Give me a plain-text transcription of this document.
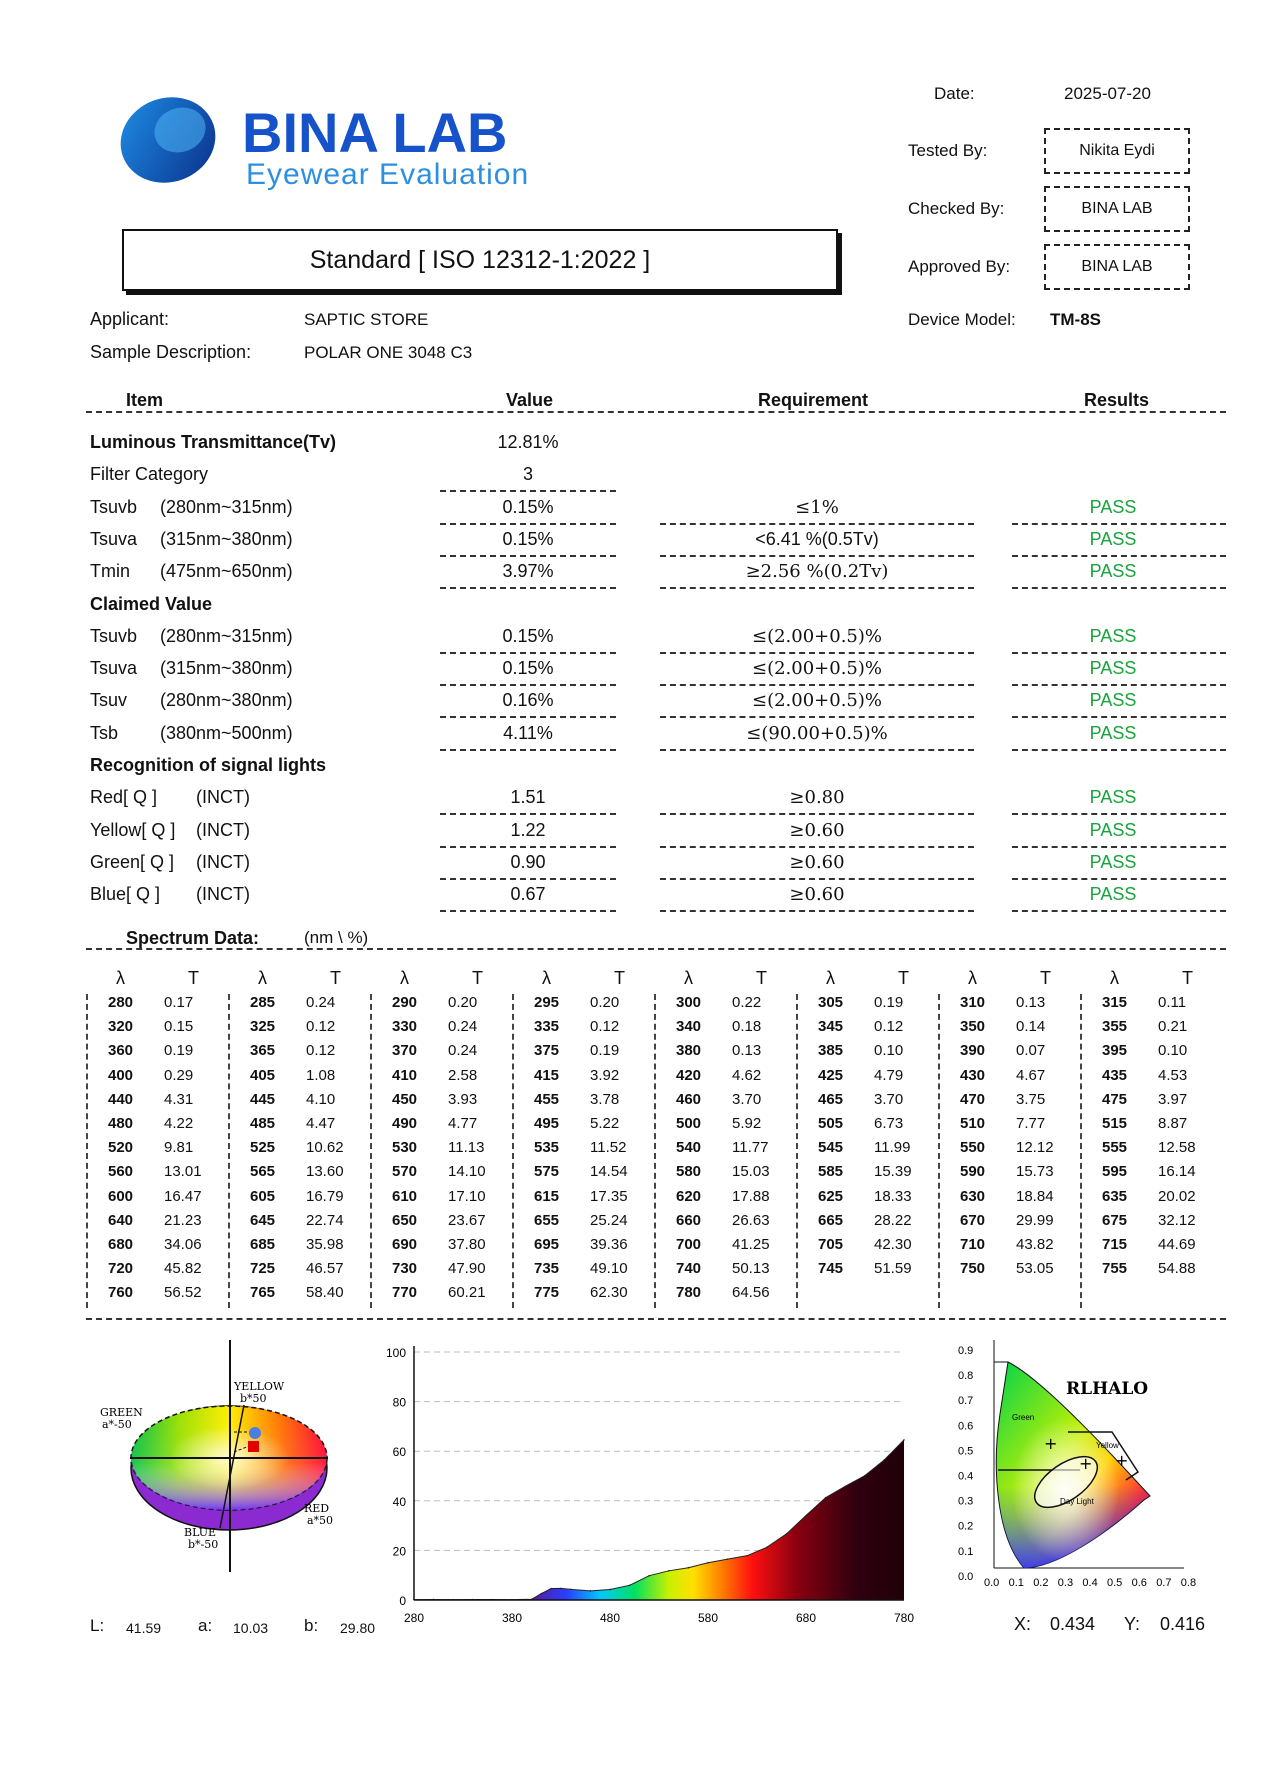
BINA LAB
Eyewear Evaluation
Date:	2025-07-20
Tested By:	Nikita Eydi
Checked By:	BINA LAB
Approved By:	BINA LAB
Device Model: TM-8S
Standard [ ISO 12312-1:2022 ]
Applicant:	SAPTIC STORE
Sample Description:	POLAR ONE 3048 C3
Item	Value	Requirement	Results
Luminous Transmittance(Tv)	12.81%
Filter Category	3
Tsuvb (280nm~315nm)	0.15%	≤1%	PASS
Tsuva (315nm~380nm)	0.15%	<6.41 %(0.5Tv)	PASS
Tmin (475nm~650nm)	3.97%	≥2.56 %(0.2Tv)	PASS
Claimed Value
Tsuvb (280nm~315nm)	0.15%	≤(2.00+0.5)%	PASS
Tsuva (315nm~380nm)	0.15%	≤(2.00+0.5)%	PASS
Tsuv (280nm~380nm)	0.16%	≤(2.00+0.5)%	PASS
Tsb (380nm~500nm)	4.11%	≤(90.00+0.5)%	PASS
Recognition of signal lights
Red[ Q ] (INCT)	1.51	≥0.80	PASS
Yellow[ Q ] (INCT)	1.22	≥0.60	PASS
Green[ Q ] (INCT)	0.90	≥0.60	PASS
Blue[ Q ] (INCT)	0.67	≥0.60	PASS
Spectrum Data:	(nm \ %)
λ	T
280 0.17
320 0.15
360 0.19
400 0.29
440 4.31
480 4.22
520 9.81
560 13.01
600 16.47
640 21.23
680 34.06
720 45.82
760 56.52
λ	T
285 0.24
325 0.12
365 0.12
405 1.08
445 4.10
485 4.47
525 10.62
565 13.60
605 16.79
645 22.74
685 35.98
725 46.57
765 58.40
λ	T
290 0.20
330 0.24
370 0.24
410 2.58
450 3.93
490 4.77
530 11.13
570 14.10
610 17.10
650 23.67
690 37.80
730 47.90
770 60.21
λ	T
295 0.20
335 0.12
375 0.19
415 3.92
455 3.78
495 5.22
535 11.52
575 14.54
615 17.35
655 25.24
695 39.36
735 49.10
775 62.30
λ	T
300 0.22
340 0.18
380 0.13
420 4.62
460 3.70
500 5.92
540 11.77
580 15.03
620 17.88
660 26.63
700 41.25
740 50.13
780 64.56
λ	T
305 0.19
345 0.12
385 0.10
425 4.79
465 3.70
505 6.73
545 11.99
585 15.39
625 18.33
665 28.22
705 42.30
745 51.59
λ	T
310 0.13
350 0.14
390 0.07
430 4.67
470 3.75
510 7.77
550 12.12
590 15.73
630 18.84
670 29.99
710 43.82
750 53.05
λ	T
315 0.11
355 0.21
395 0.10
435 4.53
475 3.97
515 8.87
555 12.58
595 16.14
635 20.02
675 32.12
715 44.69
755 54.88
YELLOW
b*50
GREEN
a*-50
RED
a*50
BLUE
b*-50
L: 41.59 a: 10.03 b: 29.80
0
20
40
60
80
100
280	380	480	580	680	780
+
+ +
RLHALO
Green
Yellow
Day Light
0.9
0.8
0.7
0.6
0.5
0.4
0.3
0.2
0.1
0.0
0.0 0.1 0.2 0.3 0.4 0.5 0.6 0.7 0.8
X: 0.434 Y: 0.416
